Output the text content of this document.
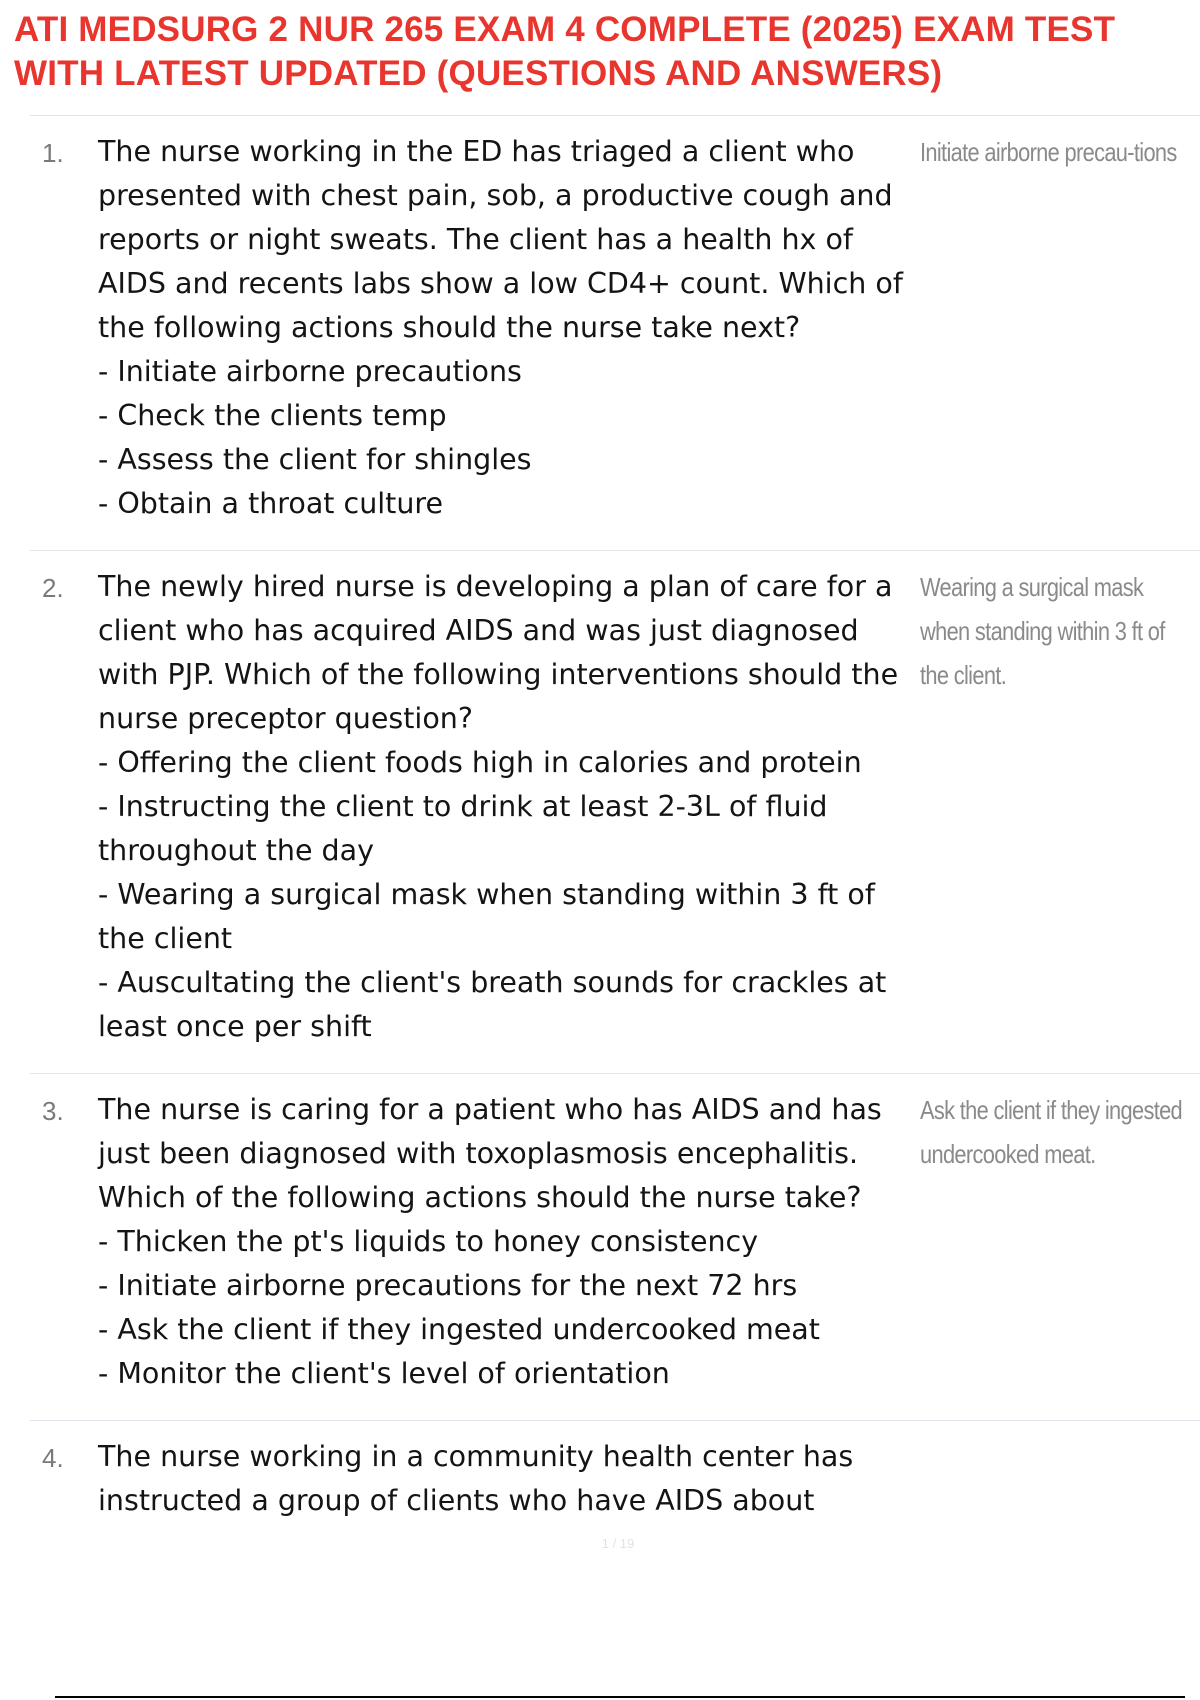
ATI MEDSURG 2 NUR 265 EXAM 4 COMPLETE (2025) EXAM TEST WITH LATEST UPDATED (QUESTIONS AND ANSWERS)
1. The nurse working in the ED has triaged a client who presented with chest pain, sob, a productive cough and reports or night sweats. The client has a health hx of AIDS and recents labs show a low CD4+ count. Which of the following actions should the nurse take next?

- Initiate airborne precautions

- Check the clients temp

- Assess the client for shingles

- Obtain a throat culture

Initiate airborne precau-tions
2. The newly hired nurse is developing a plan of care for a client who has acquired AIDS and was just diagnosed with PJP. Which of the following interventions should the nurse preceptor question?

- Offering the client foods high in calories and protein

- Instructing the client to drink at least 2-3L of fluid throughout the day

- Wearing a surgical mask when standing within 3 ft of the client

- Auscultating the client's breath sounds for crackles at least once per shift

Wearing a surgical mask when standing within 3 ft of the client.
3. The nurse is caring for a patient who has AIDS and has just been diagnosed with toxoplasmosis encephalitis. Which of the following actions should the nurse take?

- Thicken the pt's liquids to honey consistency

- Initiate airborne precautions for the next 72 hrs

- Ask the client if they ingested undercooked meat

- Monitor the client's level of orientation

Ask the client if they ingested undercooked meat.
4. The nurse working in a community health center has instructed a group of clients who have AIDS about

1 / 19
